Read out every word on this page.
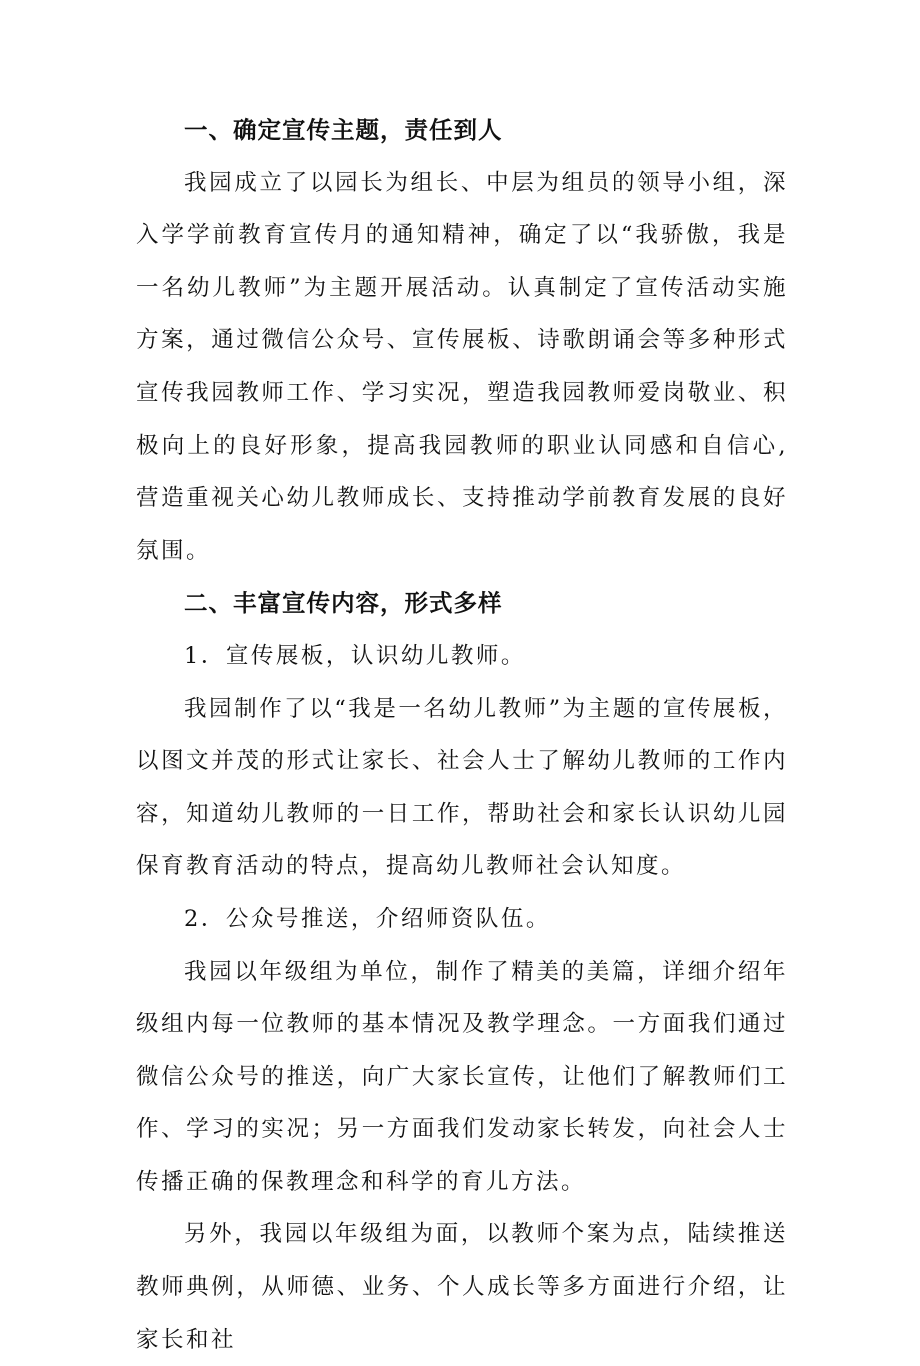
一、确定宣传主题，责任到人

我园成立了以园长为组长、中层为组员的领导小组，深入学学前教育宣传月的通知精神，确定了以“我骄傲，我是一名幼儿教师”为主题开展活动。认真制定了宣传活动实施方案，通过微信公众号、宣传展板、诗歌朗诵会等多种形式宣传我园教师工作、学习实况，塑造我园教师爱岗敬业、积极向上的良好形象，提高我园教师的职业认同感和自信心,营造重视关心幼儿教师成长、支持推动学前教育发展的良好氛围。

二、丰富宣传内容，形式多样

1．宣传展板，认识幼儿教师。

我园制作了以“我是一名幼儿教师”为主题的宣传展板，以图文并茂的形式让家长、社会人士了解幼儿教师的工作内容，知道幼儿教师的一日工作，帮助社会和家长认识幼儿园保育教育活动的特点，提高幼儿教师社会认知度。

2．公众号推送，介绍师资队伍。

我园以年级组为单位，制作了精美的美篇，详细介绍年级组内每一位教师的基本情况及教学理念。一方面我们通过微信公众号的推送，向广大家长宣传，让他们了解教师们工作、学习的实况；另一方面我们发动家长转发，向社会人士传播正确的保教理念和科学的育儿方法。

另外，我园以年级组为面，以教师个案为点，陆续推送教师典例，从师德、业务、个人成长等多方面进行介绍，让家长和社
